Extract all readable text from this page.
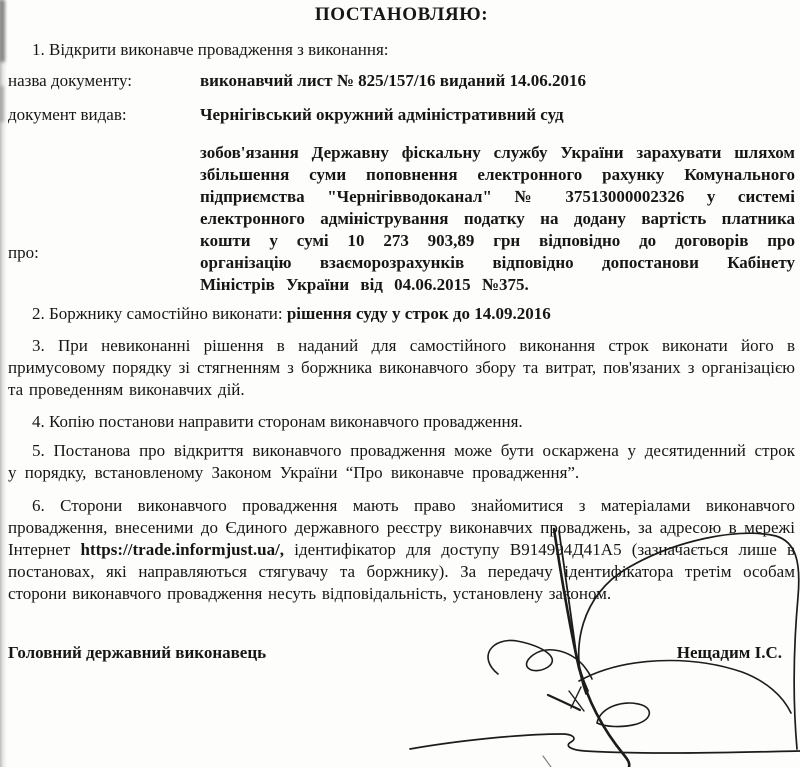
ПОСТАНОВЛЯЮ:

1. Відкрити виконавче провадження з виконання:

назва документу:	виконавчий лист № 825/157/16 виданий 14.06.2016
документ видав:	Чернігівський окружний адміністративний суд
про:
зобов'язання Державну фіскальну службу України зарахувати шляхом збільшення суми поповнення електронного рахунку Комунального підприємства "Чернігівводоканал" № 37513000002326 у системі електронного адміністрування податку на додану вартість платника кошти у сумі 10 273 903,89 грн відповідно до договорів про організацію взаєморозрахунків відповідно допостанови Кабінету Міністрів України від 04.06.2015 №375.

2. Боржнику самостійно виконати: рішення суду у строк до 14.09.2016

3. При невиконанні рішення в наданий для самостійного виконання строк виконати його в примусовому порядку зі стягненням з боржника виконавчого збору та витрат, пов'язаних з організацією та проведенням виконавчих дій.

4. Копію постанови направити сторонам виконавчого провадження.

5. Постанова про відкриття виконавчого провадження може бути оскаржена у десятиденний строк у порядку, встановленому Законом України “Про виконавче провадження”.

6. Сторони виконавчого провадження мають право знайомитися з матеріалами виконавчого провадження, внесеними до Єдиного державного реєстру виконавчих проваджень, за адресою в мережі Інтернет https://trade.informjust.ua/, ідентифікатор для доступу В914994Д41А5 (зазначається лише в постановах, які направляються стягувачу та боржнику). За передачу ідентифікатора третім особам сторони виконавчого провадження несуть відповідальність, установлену законом.

Головний державний виконавець	Нещадим І.С.
